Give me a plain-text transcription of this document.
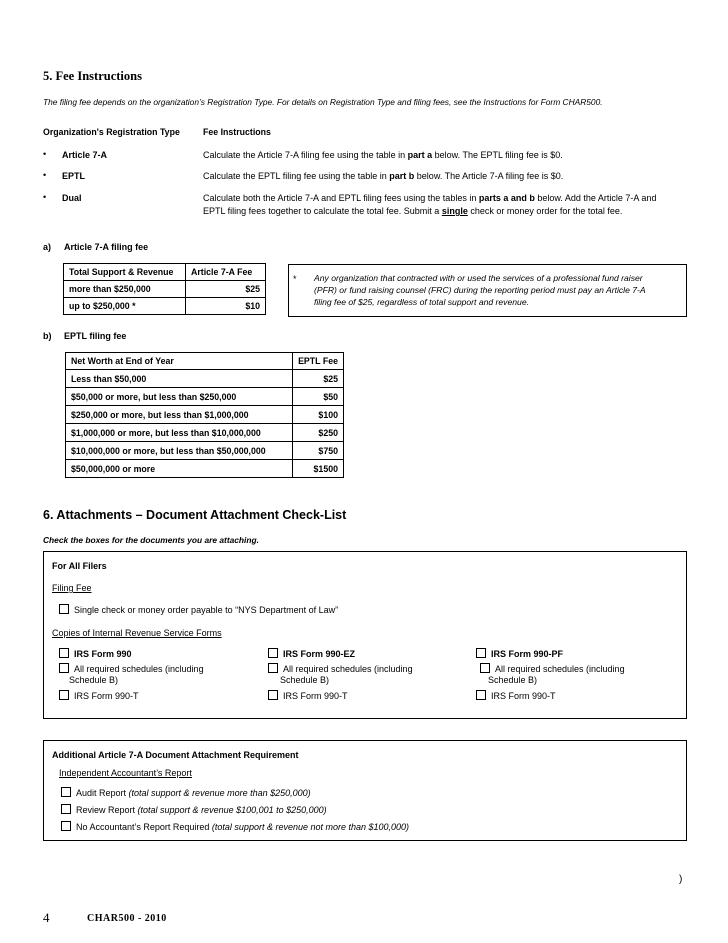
5. Fee Instructions
The filing fee depends on the organization’s Registration Type. For details on Registration Type and filing fees, see the Instructions for Form CHAR500.
Organization's Registration Type	Fee Instructions
• Article 7-A	Calculate the Article 7-A filing fee using the table in part a below. The EPTL filing fee is $0.
• EPTL	Calculate the EPTL filing fee using the table in part b below. The Article 7-A filing fee is $0.
• Dual	Calculate both the Article 7-A and EPTL filing fees using the tables in parts a and b below. Add the Article 7-A and
EPTL filing fees together to calculate the total fee. Submit a single check or money order for the total fee.
a) Article 7-A filing fee
Total Support & Revenue	Article 7-A Fee
more than $250,000	$25
up to $250,000 *	$10
* Any organization that contracted with or used the services of a professional fund raiser
(PFR) or fund raising counsel (FRC) during the reporting period must pay an Article 7-A
filing fee of $25, regardless of total support and revenue.
b) EPTL filing fee
Net Worth at End of Year	EPTL Fee
Less than $50,000	$25
$50,000 or more, but less than $250,000	$50
$250,000 or more, but less than $1,000,000	$100
$1,000,000 or more, but less than $10,000,000	$250
$10,000,000 or more, but less than $50,000,000	$750
$50,000,000 or more	$1500
6. Attachments – Document Attachment Check-List
Check the boxes for the documents you are attaching.
For All Filers
Filing Fee
Single check or money order payable to “NYS Department of Law”
Copies of Internal Revenue Service Forms
IRS Form 990
All required schedules (including
Schedule B)
IRS Form 990-T
IRS Form 990-EZ
All required schedules (including
Schedule B)
IRS Form 990-T
IRS Form 990-PF
All required schedules (including
Schedule B)
IRS Form 990-T
Additional Article 7-A Document Attachment Requirement
Independent Accountant’s Report
Audit Report (total support & revenue more than $250,000)
Review Report (total support & revenue $100,001 to $250,000)
No Accountant’s Report Required (total support & revenue not more than $100,000)
)
4	CHAR500 - 2010
